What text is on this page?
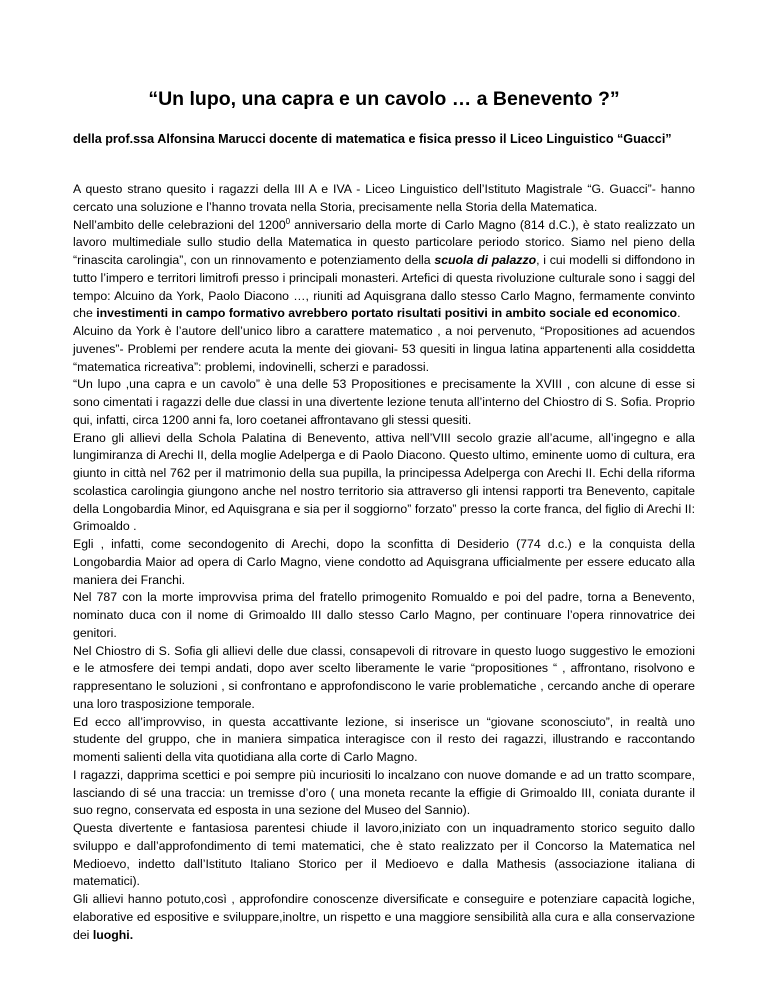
“Un lupo, una capra e un cavolo … a Benevento ?”
della prof.ssa Alfonsina Marucci docente di matematica e fisica presso il Liceo Linguistico “Guacci”

A questo strano quesito i ragazzi della III A e IVA - Liceo Linguistico dell’Istituto Magistrale “G. Guacci”- hanno cercato una soluzione e l’hanno trovata nella Storia, precisamente nella Storia della Matematica.

Nell’ambito delle celebrazioni del 1200$^0$ anniversario della morte di Carlo Magno (814 d.C.), è stato realizzato un lavoro multimediale sullo studio della Matematica in questo particolare periodo storico. Siamo nel pieno della “rinascita carolingia”, con un rinnovamento e potenziamento della scuola di palazzo, i cui modelli si diffondono in tutto l’impero e territori limitrofi presso i principali monasteri. Artefici di questa rivoluzione culturale sono i saggi del tempo: Alcuino da York, Paolo Diacono …, riuniti ad Aquisgrana dallo stesso Carlo Magno, fermamente convinto che investimenti in campo formativo avrebbero portato risultati positivi in ambito sociale ed economico.

Alcuino da York è l’autore dell’unico libro a carattere matematico , a noi pervenuto, “Propositiones ad acuendos juvenes”- Problemi per rendere acuta la mente dei giovani- 53 quesiti in lingua latina appartenenti alla cosiddetta “matematica ricreativa”: problemi, indovinelli, scherzi e paradossi.

“Un lupo ,una capra e un cavolo” è una delle 53 Propositiones e precisamente la XVIII , con alcune di esse si sono cimentati i ragazzi delle due classi in una divertente lezione tenuta all’interno del Chiostro di S. Sofia. Proprio qui, infatti, circa 1200 anni fa, loro coetanei affrontavano gli stessi quesiti.

Erano gli allievi della Schola Palatina di Benevento, attiva nell’VIII secolo grazie all’acume, all’ingegno e alla lungimiranza di Arechi II, della moglie Adelperga e di Paolo Diacono. Questo ultimo, eminente uomo di cultura, era giunto in città nel 762 per il matrimonio della sua pupilla, la principessa Adelperga con Arechi II. Echi della riforma scolastica carolingia giungono anche nel nostro territorio sia attraverso gli intensi rapporti tra Benevento, capitale della Longobardia Minor, ed Aquisgrana e sia per il soggiorno” forzato” presso la corte franca, del figlio di Arechi II: Grimoaldo .

Egli , infatti, come secondogenito di Arechi, dopo la sconfitta di Desiderio (774 d.c.) e la conquista della Longobardia Maior ad opera di Carlo Magno, viene condotto ad Aquisgrana ufficialmente per essere educato alla maniera dei Franchi.

Nel 787 con la morte improvvisa prima del fratello primogenito Romualdo e poi del padre, torna a Benevento, nominato duca con il nome di Grimoaldo III dallo stesso Carlo Magno, per continuare l’opera rinnovatrice dei genitori.

Nel Chiostro di S. Sofia gli allievi delle due classi, consapevoli di ritrovare in questo luogo suggestivo le emozioni e le atmosfere dei tempi andati, dopo aver scelto liberamente le varie “propositiones “ , affrontano, risolvono e rappresentano le soluzioni , si confrontano e approfondiscono le varie problematiche , cercando anche di operare una loro trasposizione temporale.

Ed ecco all’improvviso, in questa accattivante lezione, si inserisce un “giovane sconosciuto”, in realtà uno studente del gruppo, che in maniera simpatica interagisce con il resto dei ragazzi, illustrando e raccontando momenti salienti della vita quotidiana alla corte di Carlo Magno.

I ragazzi, dapprima scettici e poi sempre più incuriositi lo incalzano con nuove domande e ad un tratto scompare, lasciando di sé una traccia: un tremisse d’oro ( una moneta recante la effigie di Grimoaldo III, coniata durante il suo regno, conservata ed esposta in una sezione del Museo del Sannio).

Questa divertente e fantasiosa parentesi chiude il lavoro,iniziato con un inquadramento storico seguito dallo sviluppo e dall’approfondimento di temi matematici, che è stato realizzato per il Concorso la Matematica nel Medioevo, indetto dall’Istituto Italiano Storico per il Medioevo e dalla Mathesis (associazione italiana di matematici).

Gli allievi hanno potuto,così , approfondire conoscenze diversificate e conseguire e potenziare capacità logiche, elaborative ed espositive e sviluppare,inoltre, un rispetto e una maggiore sensibilità alla cura e alla conservazione dei luoghi.
